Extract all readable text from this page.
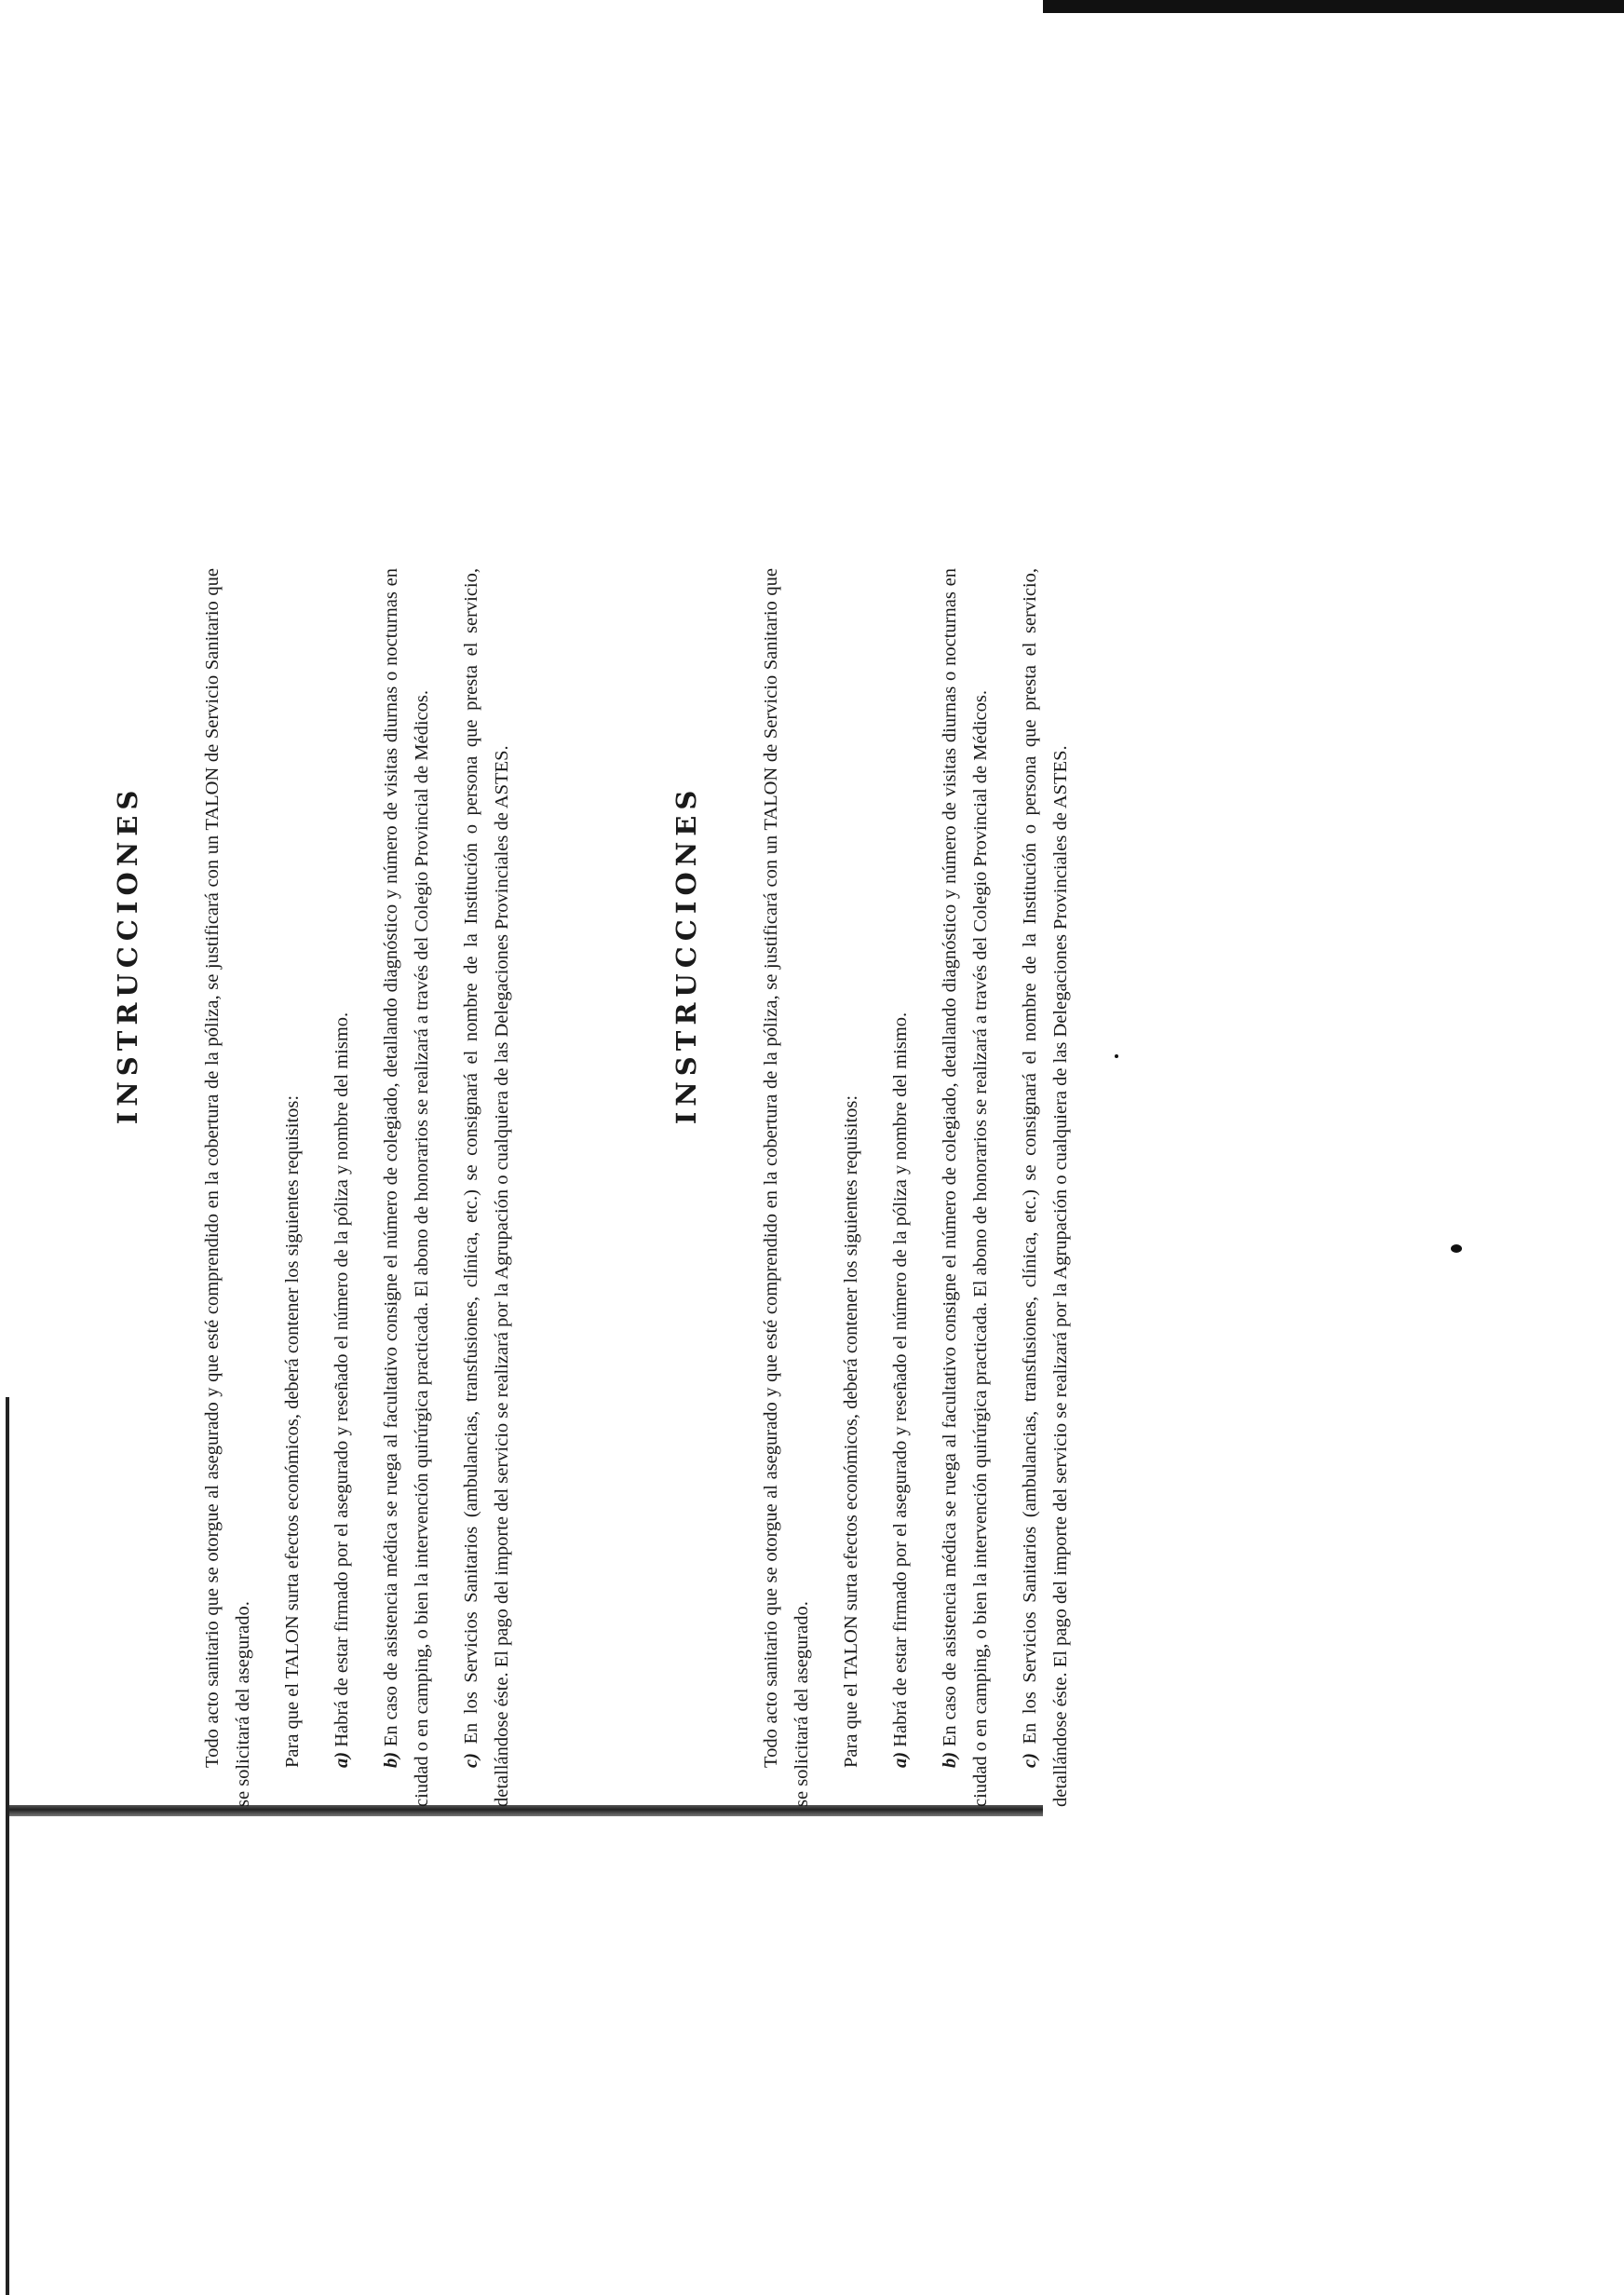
INSTRUCCIONES	Todo acto sanitario que se otorgue al asegurado y que esté comprendido en la cobertura de la póliza, se justificará con un TALON de Servicio Sanitario que se solicitará del asegurado. Para que el TALON surta efectos económicos, deberá contener los siguientes requisitos: a) Habrá de estar firmado por el asegurado y reseñado el número de la póliza y nombre del mismo.

b) En caso de asistencia médica se ruega al facultativo consigne el número de colegiado, detallando diagnóstico y número de visitas diurnas o nocturnas en ciudad o en camping, o bien la intervención quirúrgica practicada. El abono de honorarios se realizará a través del Colegio Provincial de Médicos. c) En los Servicios Sanitarios (ambulancias, transfusiones, clínica, etc.) se consignará el nombre de la Institución o persona que presta el servicio, detallándose éste. El pago del importe del servicio se realizará por la Agrupación o cualquiera de las Delegaciones Provinciales de ASTES.	INSTRUCCIONES	Todo acto sanitario que se otorgue al asegurado y que esté comprendido en la cobertura de la póliza, se justificará con un TALON de Servicio Sanitario que se solicitará del asegurado. Para que el TALON surta efectos económicos, deberá contener los siguientes requisitos: a) Habrá de estar firmado por el asegurado y reseñado el número de la póliza y nombre del mismo.

b) En caso de asistencia médica se ruega al facultativo consigne el número de colegiado, detallando diagnóstico y número de visitas diurnas o nocturnas en ciudad o en camping, o bien la intervención quirúrgica practicada. El abono de honorarios se realizará a través del Colegio Provincial de Médicos. c) En los Servicios Sanitarios (ambulancias, transfusiones, clínica, etc.) se consignará el nombre de la Institución o persona que presta el servicio, detallándose éste. El pago del importe del servicio se realizará por la Agrupación o cualquiera de las Delegaciones Provinciales de ASTES.
